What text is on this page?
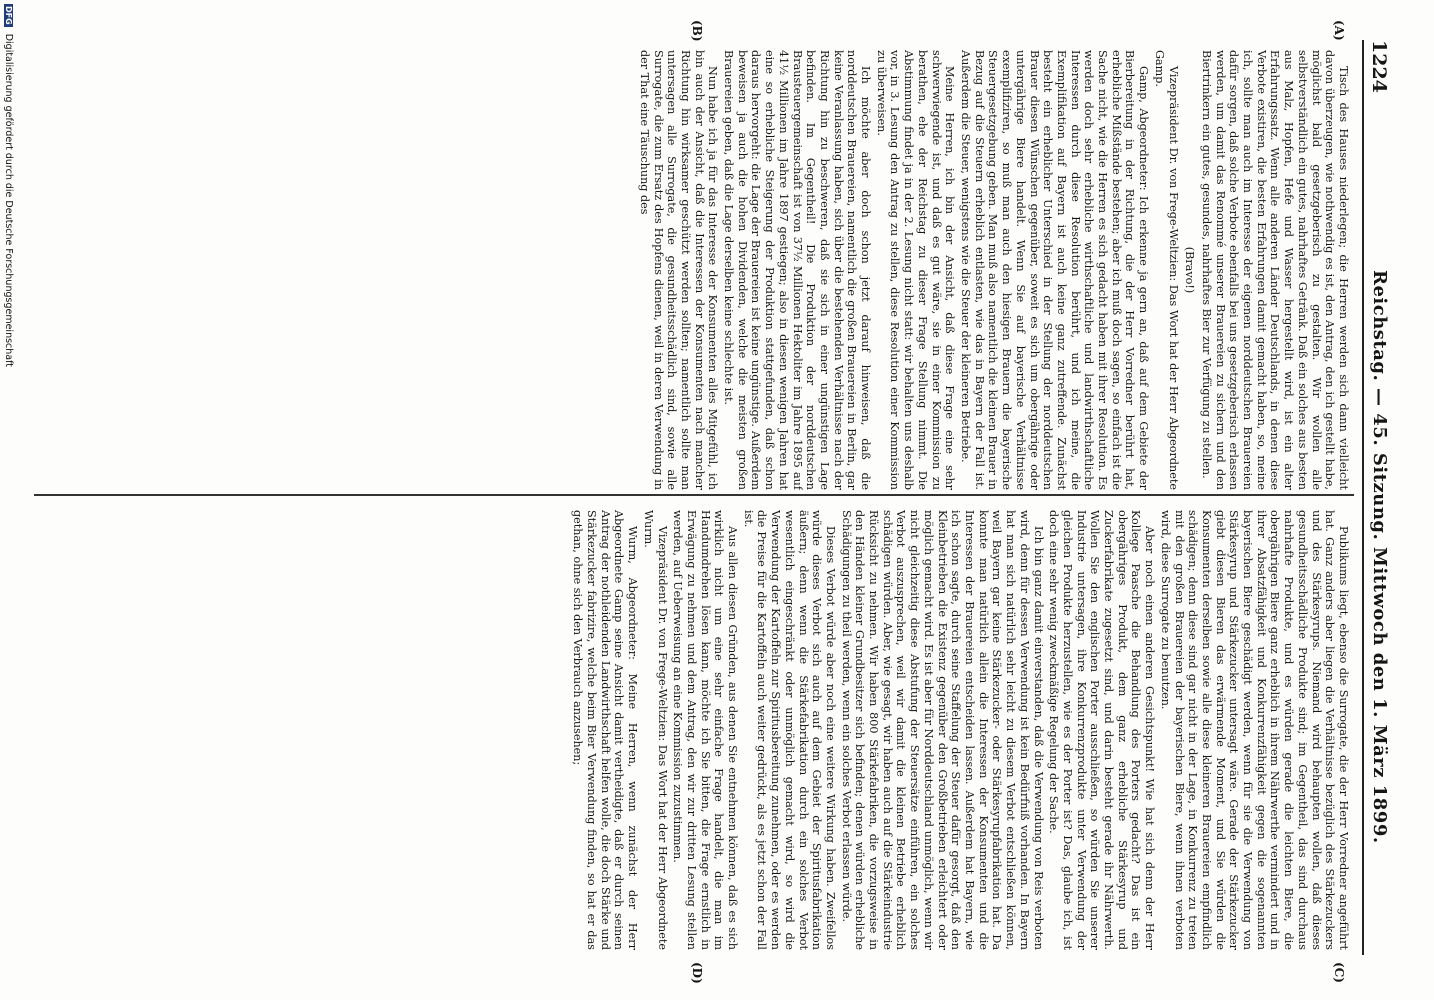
1224
Reichstag. — 45. Sitzung. Mittwoch den 1. März 1899.
(A)
(B)
(C)
(D)

Tisch des Hauses niederlegen; die Herren werden sich dann vielleicht davon überzeugen, wie nothwendig es ist, den Antrag, den ich gestellt habe, möglichst bald gesetzgeberisch zu gestalten. Wir wollen alle selbstverständlich ein gutes, nahrhaftes Getränk. Daß ein solches aus besten aus Malz, Hopfen, Hefe und Wasser hergestellt wird, ist ein alter Erfahrungssatz. Wenn alle anderen Länder Deutschlands, in denen diese Verbote existiren, die besten Erfahrungen damit gemacht haben, so, meine ich, sollte man auch im Interesse der eigenen norddeutschen Brauereien dafür sorgen, daß solche Verbote ebenfalls bei uns gesetzgeberisch erlassen werden, um damit das Renommé unserer Brauereien zu sichern und den Biertrinkern ein gutes, gesundes, nahrhaftes Bier zur Verfügung zu stellen.

(Bravo!)

Vizepräsident Dr. von Frege-Weltzien: Das Wort hat der Herr Abgeordnete Gamp.

Gamp, Abgeordneter: Ich erkenne ja gern an, daß auf dem Gebiete der Bierbereitung in der Richtung, die der Herr Vorredner berührt hat, erhebliche Mißstände bestehen; aber ich muß doch sagen, so einfach ist die Sache nicht, wie die Herren es sich gedacht haben mit ihrer Resolution. Es werden doch sehr erhebliche wirthschaftliche und landwirthschaftliche Interessen durch diese Resolution berührt, und ich meine, die Exemplifikation auf Bayern ist auch keine ganz zutreffende. Zunächst besteht ein erheblicher Unterschied in der Stellung der norddeutschen Brauer diesen Wünschen gegenüber, soweit es sich um obergährige oder untergährige Biere handelt. Wenn Sie auf bayerische Verhältnisse exemplifiziren, so muß man auch den hiesigen Brauern die bayerische Steuergesetzgebung geben. Man muß also namentlich die kleinen Brauer in Bezug auf die Steuern erheblich entlasten, wie das in Bayern der Fall ist. Außerdem die Steuer, wenigstens wie die Steuer der kleineren Betriebe.

Meine Herren, ich bin der Ansicht, daß diese Frage eine sehr schwerwiegende ist, und daß es gut wäre, sie in einer Kommission zu berathen, ehe der Reichstag zu dieser Frage Stellung nimmt. Die Abstimmung findet ja in der 2. Lesung nicht statt: wir behalten uns deshalb vor, in 3. Lesung den Antrag zu stellen, diese Resolution einer Kommission zu überweisen.

Ich möchte aber doch schon jetzt darauf hinweisen, daß die norddeutschen Brauereien, namentlich die großen Brauereien in Berlin, gar keine Veranlassung haben, sich über die bestehenden Verhältnisse nach der Richtung hin zu beschweren, daß sie sich in einer ungünstigen Lage befinden. Im Gegentheil! Die Produktion der norddeutschen Brausteuergemeinschaft ist von 37½ Millionen Hektoliter im Jahre 1895 auf 41½ Millionen im Jahre 1897 gestiegen; also in diesen wenigen Jahren hat eine so erhebliche Steigerung der Produktion stattgefunden, daß schon daraus hervorgeht: die Lage der Brauereien ist keine ungünstige. Außerdem beweisen ja auch die hohen Dividenden, welche die meisten großen Brauereien geben, daß die Lage derselben keine schlechte ist.

Nun habe ich ja für das Interesse der Konsumenten alles Mitgefühl, ich bin auch der Ansicht, daß die Interessen der Konsumenten nach mancher Richtung hin wirksamer geschützt werden sollten; namentlich sollte man untersagen alle Surrogate, die gesundheitsschädlich sind, sowie alle Surrogate, die zum Ersatz des Hopfens dienen, weil in deren Verwendung in der That eine Täuschung des

Publikums liegt, ebenso die Surrogate, die der Herr Vorredner angeführt hat. Ganz anders aber liegen die Verhältnisse bezüglich des Stärkezuckers und des Stärkesyrups. Niemand wird behaupten wollen, daß dieses gesundheitsschädliche Produkte sind; im Gegentheil, das sind durchaus nahrhafte Produkte, und es würden gerade die leichten Biere, die obergährigen Biere ganz erheblich in ihrem Nährwerthe vermindert und in ihrer Absatzfähigkeit und Konkurrenzfähigkeit gegen die sogenannten bayerischen Biere geschädigt werden, wenn für sie die Verwendung von Stärkesyrup und Stärkezucker untersagt wäre. Gerade der Stärkezucker giebt diesen Bieren das erwärmende Moment, und Sie würden die Konsumenten derselben sowie alle diese kleineren Brauereien empfindlich schädigen; denn diese sind gar nicht in der Lage, in Konkurrenz zu treten mit den großen Brauereien der bayerischen Biere, wenn ihnen verboten wird, diese Surrogate zu benutzen.

Aber noch einen anderen Gesichtspunkt! Wie hat sich denn der Herr Kollege Paasche die Behandlung des Porters gedacht? Das ist ein obergähriges Produkt, dem ganz erhebliche Stärkesyrup und Zuckerfabrikate zugesetzt sind, und darin besteht gerade ihr Nährwerth. Wollen Sie den englischen Porter ausschließen, so würden Sie unserer Industrie untersagen, ihre Konkurrenzprodukte unter Verwendung der gleichen Produkte herzustellen, wie es der Porter ist? Das, glaube ich, ist doch eine sehr wenig zweckmäßige Regelung der Sache.

Ich bin ganz damit einverstanden, daß die Verwendung von Reis verboten wird, denn für dessen Verwendung ist kein Bedürfniß vorhanden. In Bayern hat man sich natürlich sehr leicht zu diesem Verbot entschließen können, weil Bayern gar keine Stärkezucker- oder Stärkesyrupfabrikation hat. Da konnte man natürlich allein die Interessen der Konsumenten und die Interessen der Brauereien entscheiden lassen. Außerdem hat Bayern, wie ich schon sagte, durch seine Staffelung der Steuer dafür gesorgt, daß den Kleinbetrieben die Existenz gegenüber den Großbetrieben erleichtert oder möglich gemacht wird. Es ist aber für Norddeutschland unmöglich, wenn wir nicht gleichzeitig diese Abstufung der Steuersätze einführen, ein solches Verbot auszusprechen, weil wir damit die kleinen Betriebe erheblich schädigen würden. Aber, wie gesagt, wir haben auch auf die Stärkeindustrie Rücksicht zu nehmen. Wir haben 800 Stärkefabriken, die vorzugsweise in den Händen kleiner Grundbesitzer sich befinden; denen würden erhebliche Schädigungen zu theil werden, wenn ein solches Verbot erlassen würde.

Dieses Verbot würde aber noch eine weitere Wirkung haben. Zweifellos würde dieses Verbot sich auch auf dem Gebiet der Spiritusfabrikation äußern; denn wenn die Stärkefabrikation durch ein solches Verbot wesentlich eingeschränkt oder unmöglich gemacht wird, so wird die Verwendung der Kartoffeln zur Spiritusbereitung zunehmen, oder es werden die Preise für die Kartoffeln auch weiter gedrückt, als es jetzt schon der Fall ist.

Aus allen diesen Gründen, aus denen Sie entnehmen können, daß es sich wirklich nicht um eine sehr einfache Frage handelt, die man im Handumdrehen lösen kann, möchte ich Sie bitten, die Frage ernstlich in Erwägung zu nehmen und dem Antrag, den wir zur dritten Lesung stellen werden, auf Ueberweisung an eine Kommission zuzustimmen.

Vizepräsident Dr. von Frege-Weltzien: Das Wort hat der Herr Abgeordnete Wurm.

Wurm, Abgeordneter: Meine Herren, wenn zunächst der Herr Abgeordnete Gamp seine Ansicht damit vertheidigte, daß er durch seinen Antrag der nothleidenden Landwirthschaft helfen wolle, die doch Stärke und Stärkezucker fabrizire, welche beim Bier Verwendung finden, so hat er das gethan, ohne sich den Verbrauch anzusehen;

DFG Digitalisierung gefördert durch die Deutsche Forschungsgemeinschaft
